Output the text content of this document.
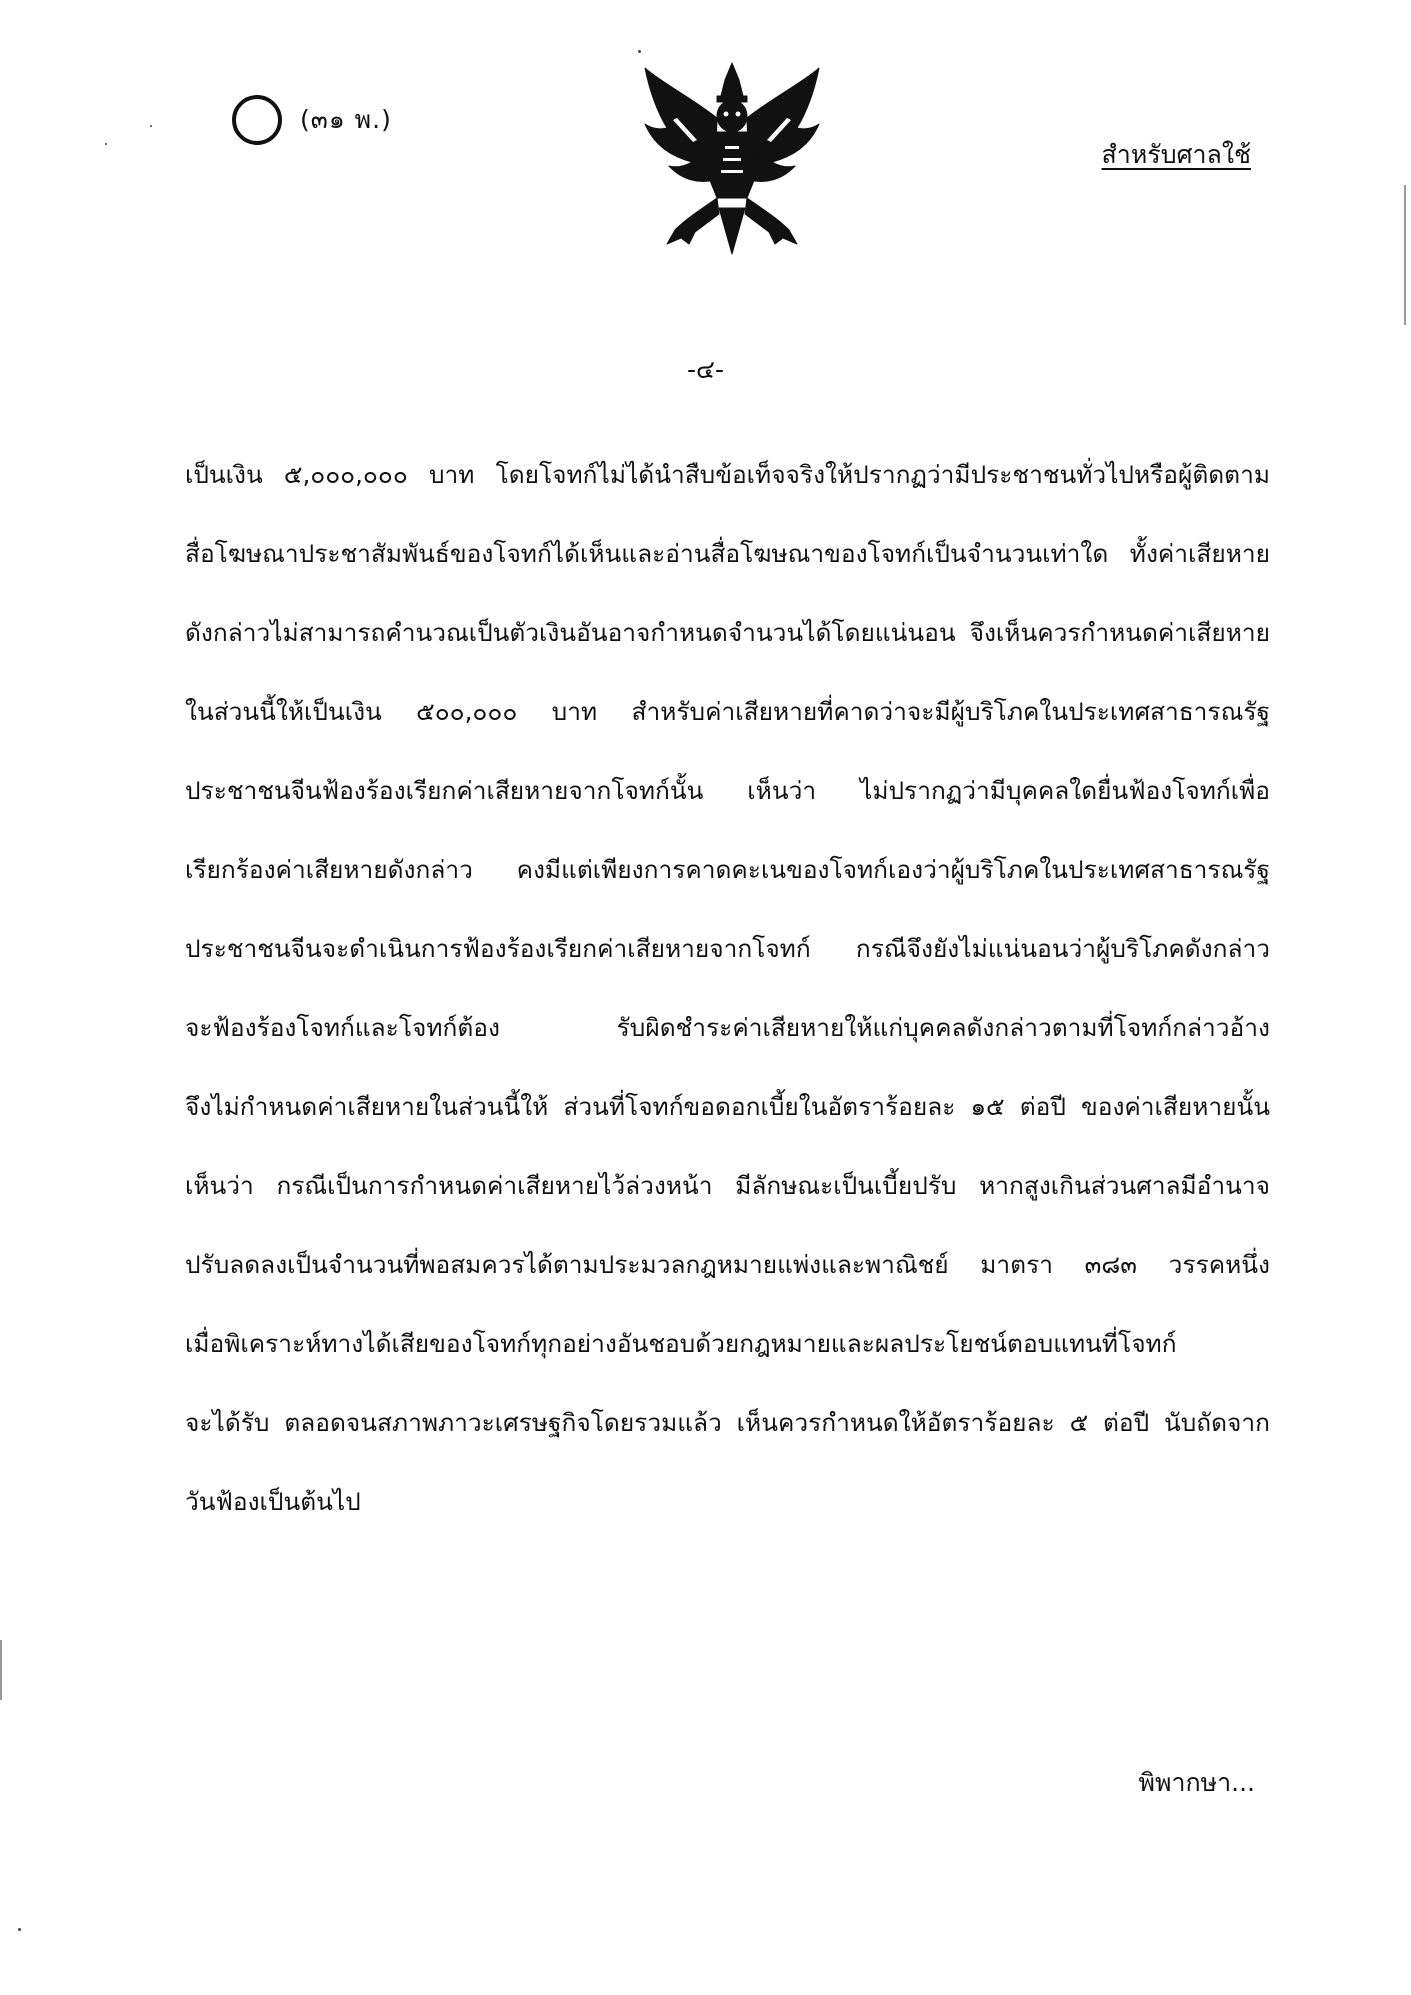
(๓๑ พ.)
สำหรับศาลใช้
-๔-
เป็นเงิน ๕,๐๐๐,๐๐๐ บาท โดยโจทก์ไม่ได้นำสืบข้อเท็จจริงให้ปรากฏว่ามีประชาชนทั่วไปหรือผู้ติดตาม
สื่อโฆษณาประชาสัมพันธ์ของโจทก์ได้เห็นและอ่านสื่อโฆษณาของโจทก์เป็นจำนวนเท่าใด ทั้งค่าเสียหาย
ดังกล่าวไม่สามารถคำนวณเป็นตัวเงินอันอาจกำหนดจำนวนได้โดยแน่นอน จึงเห็นควรกำหนดค่าเสียหาย
ในส่วนนี้ให้เป็นเงิน ๕๐๐,๐๐๐ บาท สำหรับค่าเสียหายที่คาดว่าจะมีผู้บริโภคในประเทศสาธารณรัฐ
ประชาชนจีนฟ้องร้องเรียกค่าเสียหายจากโจทก์นั้น เห็นว่า ไม่ปรากฏว่ามีบุคคลใดยื่นฟ้องโจทก์เพื่อ
เรียกร้องค่าเสียหายดังกล่าว คงมีแต่เพียงการคาดคะเนของโจทก์เองว่าผู้บริโภคในประเทศสาธารณรัฐ
ประชาชนจีนจะดำเนินการฟ้องร้องเรียกค่าเสียหายจากโจทก์ กรณีจึงยังไม่แน่นอนว่าผู้บริโภคดังกล่าว
จะฟ้องร้องโจทก์และโจทก์ต้อง รับผิดชำระค่าเสียหายให้แก่บุคคลดังกล่าวตามที่โจทก์กล่าวอ้าง
จึงไม่กำหนดค่าเสียหายในส่วนนี้ให้ ส่วนที่โจทก์ขอดอกเบี้ยในอัตราร้อยละ ๑๕ ต่อปี ของค่าเสียหายนั้น
เห็นว่า กรณีเป็นการกำหนดค่าเสียหายไว้ล่วงหน้า มีลักษณะเป็นเบี้ยปรับ หากสูงเกินส่วนศาลมีอำนาจ
ปรับลดลงเป็นจำนวนที่พอสมควรได้ตามประมวลกฎหมายแพ่งและพาณิชย์ มาตรา ๓๘๓ วรรคหนึ่ง
เมื่อพิเคราะห์ทางได้เสียของโจทก์ทุกอย่างอันชอบด้วยกฎหมายและผลประโยชน์ตอบแทนที่โจทก์
จะได้รับ ตลอดจนสภาพภาวะเศรษฐกิจโดยรวมแล้ว เห็นควรกำหนดให้อัตราร้อยละ ๕ ต่อปี นับถัดจาก
วันฟ้องเป็นต้นไป
พิพากษา...
